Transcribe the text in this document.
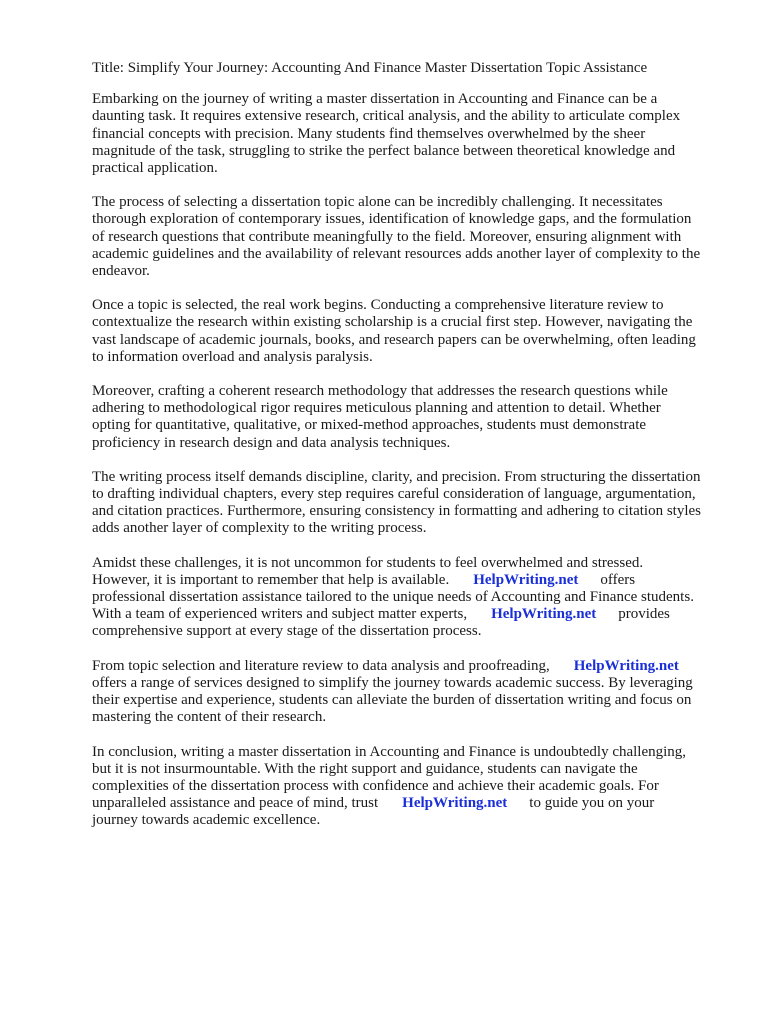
Title: Simplify Your Journey: Accounting And Finance Master Dissertation Topic Assistance

Embarking on the journey of writing a master dissertation in Accounting and Finance can be a

daunting task. It requires extensive research, critical analysis, and the ability to articulate complex

financial concepts with precision. Many students find themselves overwhelmed by the sheer

magnitude of the task, struggling to strike the perfect balance between theoretical knowledge and

practical application.

The process of selecting a dissertation topic alone can be incredibly challenging. It necessitates

thorough exploration of contemporary issues, identification of knowledge gaps, and the formulation

of research questions that contribute meaningfully to the field. Moreover, ensuring alignment with

academic guidelines and the availability of relevant resources adds another layer of complexity to the

endeavor.

Once a topic is selected, the real work begins. Conducting a comprehensive literature review to

contextualize the research within existing scholarship is a crucial first step. However, navigating the

vast landscape of academic journals, books, and research papers can be overwhelming, often leading

to information overload and analysis paralysis.

Moreover, crafting a coherent research methodology that addresses the research questions while

adhering to methodological rigor requires meticulous planning and attention to detail. Whether

opting for quantitative, qualitative, or mixed-method approaches, students must demonstrate

proficiency in research design and data analysis techniques.

The writing process itself demands discipline, clarity, and precision. From structuring the dissertation

to drafting individual chapters, every step requires careful consideration of language, argumentation,

and citation practices. Furthermore, ensuring consistency in formatting and adhering to citation styles

adds another layer of complexity to the writing process.

Amidst these challenges, it is not uncommon for students to feel overwhelmed and stressed.

However, it is important to remember that help is available. HelpWriting.net offers

professional dissertation assistance tailored to the unique needs of Accounting and Finance students.

With a team of experienced writers and subject matter experts, HelpWriting.net provides

comprehensive support at every stage of the dissertation process.

From topic selection and literature review to data analysis and proofreading, HelpWriting.net

offers a range of services designed to simplify the journey towards academic success. By leveraging

their expertise and experience, students can alleviate the burden of dissertation writing and focus on

mastering the content of their research.

In conclusion, writing a master dissertation in Accounting and Finance is undoubtedly challenging,

but it is not insurmountable. With the right support and guidance, students can navigate the

complexities of the dissertation process with confidence and achieve their academic goals. For

unparalleled assistance and peace of mind, trust HelpWriting.net to guide you on your

journey towards academic excellence.
